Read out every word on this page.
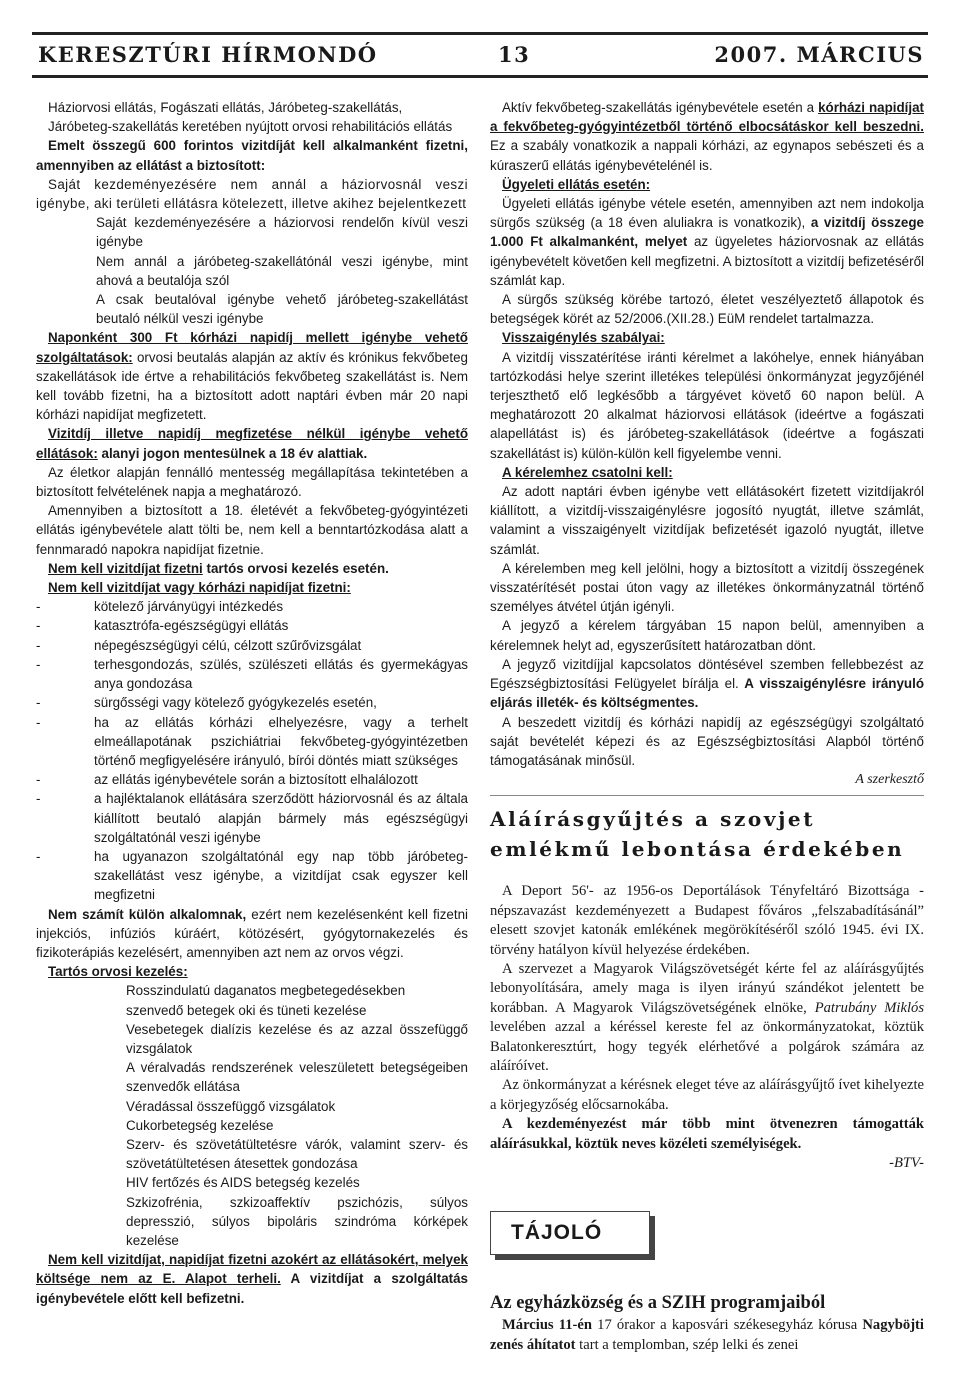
KERESZTÚRI HÍRMONDÓ	13	2007. MÁRCIUS

Háziorvosi ellátás, Fogászati ellátás, Járóbeteg-szakellátás,

Járóbeteg-szakellátás keretében nyújtott orvosi rehabilitációs ellátás

Emelt összegű 600 forintos vizitdíját kell alkalmanként fizetni, amennyiben az ellátást a biztosított:

Saját kezdeményezésére nem annál a háziorvosnál veszi igénybe, aki területi ellátásra kötelezett, illetve akihez bejelentkezett

Saját kezdeményezésére a háziorvosi rendelőn kívül veszi igénybe

Nem annál a járóbeteg-szakellátónál veszi igénybe, mint ahová a beutalója szól

A csak beutalóval igénybe vehető járóbeteg-szakellátást beutaló nélkül veszi igénybe

Naponként 300 Ft kórházi napidíj mellett igénybe vehető szolgáltatások: orvosi beutalás alapján az aktív és krónikus fekvőbeteg szakellátások ide értve a rehabilitációs fekvőbeteg szakellátást is. Nem kell tovább fizetni, ha a biztosított adott naptári évben már 20 napi kórházi napidíjat megfizetett.

Vizitdíj illetve napidíj megfizetése nélkül igénybe vehető ellátások: alanyi jogon mentesülnek a 18 év alattiak.

Az életkor alapján fennálló mentesség megállapítása tekintetében a biztosított felvételének napja a meghatározó.

Amennyiben a biztosított a 18. életévét a fekvőbeteg-gyógyintézeti ellátás igénybevétele alatt tölti be, nem kell a benntartózkodása alatt a fennmaradó napokra napidíjat fizetnie.

Nem kell vizitdíjat fizetni tartós orvosi kezelés esetén.

Nem kell vizitdíjat vagy kórházi napidíjat fizetni:

-	kötelező járványügyi intézkedés
-	katasztrófa-egészségügyi ellátás
-	népegészségügyi célú, célzott szűrővizsgálat
-	terhesgondozás, szülés, szülészeti ellátás és gyermekágyas anya gondozása
-	sürgősségi vagy kötelező gyógykezelés esetén,
-	ha az ellátás kórházi elhelyezésre, vagy a terhelt elmeállapotának pszichiátriai fekvőbeteg-gyógyintézetben történő megfigyelésére irányuló, bírói döntés miatt szükséges
-	az ellátás igénybevétele során a biztosított elhalálozott
-	a hajléktalanok ellátására szerződött háziorvosnál és az általa kiállított beutaló alapján bármely más egészségügyi szolgáltatónál veszi igénybe
-	ha ugyanazon szolgáltatónál egy nap több járóbeteg-szakellátást vesz igénybe, a vizitdíjat csak egyszer kell megfizetni

Nem számít külön alkalomnak, ezért nem kezelésenként kell fizetni injekciós, infúziós kúráért, kötözésért, gyógytornakezelés és fizikoterápiás kezelésért, amennyiben azt nem az orvos végzi.

Tartós orvosi kezelés:

Rosszindulatú daganatos megbetegedésekben

szenvedő betegek oki és tüneti kezelése

Vesebetegek dialízis kezelése és az azzal összefüggő vizsgálatok

A véralvadás rendszerének veleszületett betegségeiben szenvedők ellátása

Véradással összefüggő vizsgálatok

Cukorbetegség kezelése

Szerv- és szövetátültetésre várók, valamint szerv- és szövetátültetésen átesettek gondozása

HIV fertőzés és AIDS betegség kezelés

Szkizofrénia, szkizoaffektív pszichózis, súlyos depresszió, súlyos bipoláris szindróma kórképek kezelése

Nem kell vizitdíjat, napidíjat fizetni azokért az ellátásokért, melyek költsége nem az E. Alapot terheli. A vizitdíjat a szolgáltatás igénybevétele előtt kell befizetni.

Aktív fekvőbeteg-szakellátás igénybevétele esetén a kórházi napidíjat a fekvőbeteg-gyógyintézetből történő elbocsátáskor kell beszedni. Ez a szabály vonatkozik a nappali kórházi, az egynapos sebészeti és a kúraszerű ellátás igénybevételénél is.

Ügyeleti ellátás esetén:

Ügyeleti ellátás igénybe vétele esetén, amennyiben azt nem indokolja sürgős szükség (a 18 éven aluliakra is vonatkozik), a vizitdíj összege 1.000 Ft alkalmanként, melyet az ügyeletes háziorvosnak az ellátás igénybevételt követően kell megfizetni. A biztosított a vizitdíj befizetéséről számlát kap.

A sürgős szükség körébe tartozó, életet veszélyeztető állapotok és betegségek körét az 52/2006.(XII.28.) EüM rendelet tartalmazza.

Visszaigénylés szabályai:

A vizitdíj visszatérítése iránti kérelmet a lakóhelye, ennek hiányában tartózkodási helye szerint illetékes települési önkormányzat jegyzőjénél terjeszthető elő legkésőbb a tárgyévet követő 60 napon belül. A meghatározott 20 alkalmat háziorvosi ellátások (ideértve a fogászati alapellátást is) és járóbeteg-szakellátások (ideértve a fogászati szakellátást is) külön-külön kell figyelembe venni.

A kérelemhez csatolni kell:

Az adott naptári évben igénybe vett ellátásokért fizetett vizitdíjakról kiállított, a vizitdíj-visszaigénylésre jogosító nyugtát, illetve számlát, valamint a visszaigényelt vizitdíjak befizetését igazoló nyugtát, illetve számlát.

A kérelemben meg kell jelölni, hogy a biztosított a vizitdíj összegének visszatérítését postai úton vagy az illetékes önkormányzatnál történő személyes átvétel útján igényli.

A jegyző a kérelem tárgyában 15 napon belül, amennyiben a kérelemnek helyt ad, egyszerűsített határozatban dönt.

A jegyző vizitdíjjal kapcsolatos döntésével szemben fellebbezést az Egészségbiztosítási Felügyelet bírálja el. A visszaigénylésre irányuló eljárás illeték- és költségmentes.

A beszedett vizitdíj és kórházi napidíj az egészségügyi szolgáltató saját bevételét képezi és az Egészségbiztosítási Alapból történő támogatásának minősül.

A szerkesztő

Aláírásgyűjtés a szovjet emlékmű lebontása érdekében

A Deport 56'- az 1956-os Deportálások Tényfeltáró Bizottsága -népszavazást kezdeményezett a Budapest főváros „felszabadításánál” elesett szovjet katonák emlékének megörökítéséről szóló 1945. évi IX. törvény hatályon kívül helyezése érdekében.

A szervezet a Magyarok Világszövetségét kérte fel az aláírásgyűjtés lebonyolítására, amely maga is ilyen irányú szándékot jelentett be korábban. A Magyarok Világszövetségének elnöke, Patrubány Miklós levelében azzal a kéréssel kereste fel az önkormányzatokat, köztük Balatonkeresztúrt, hogy tegyék elérhetővé a polgárok számára az aláíróívet.

Az önkormányzat a kérésnek eleget téve az aláírásgyűjtő ívet kihelyezte a körjegyzőség előcsarnokába.

A kezdeményezést már több mint ötvenezren támogatták aláírásukkal, köztük neves közéleti személyiségek.

-BTV-

TÁJOLÓ
Az egyházközség és a SZIH programjaiból

Március 11-én 17 órakor a kaposvári székesegyház kórusa Nagyböjti zenés áhítatot tart a templomban, szép lelki és zenei
